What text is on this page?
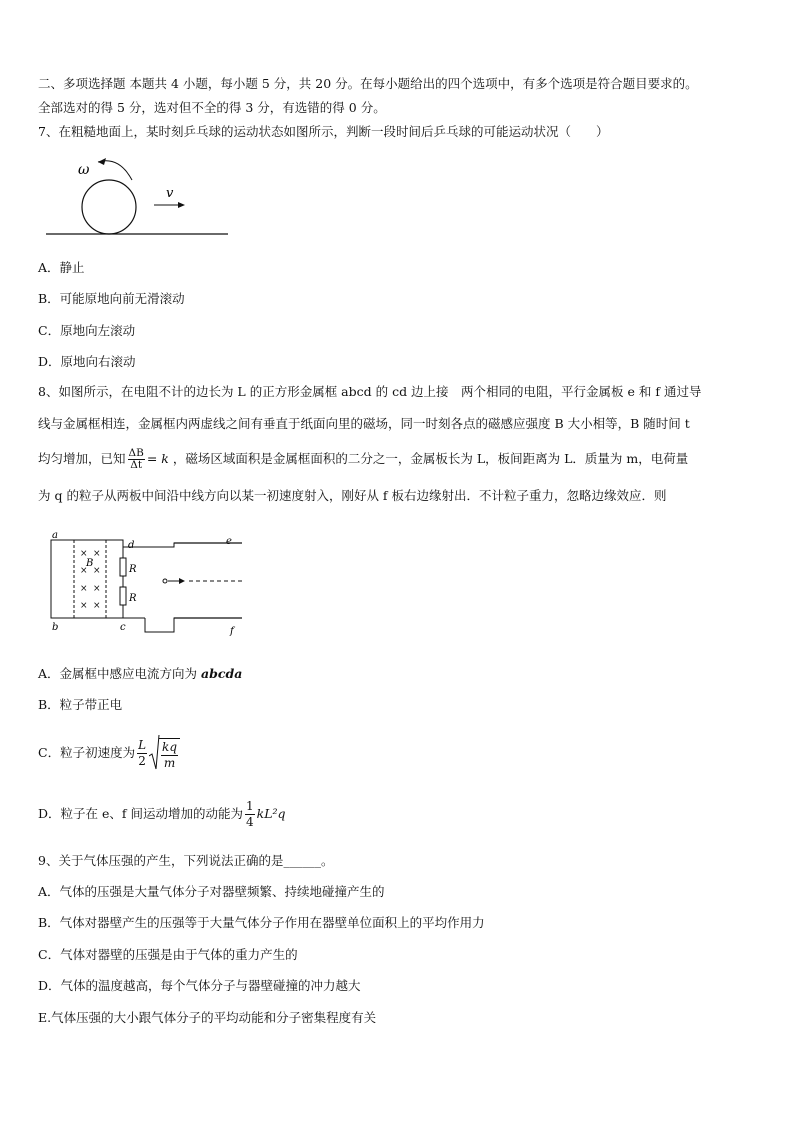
二、多项选择题 本题共 4 小题，每小题 5 分，共 20 分。在每小题给出的四个选项中，有多个选项是符合题目要求的。
全部选对的得 5 分，选对但不全的得 3 分，有选错的得 0 分。
7、在粗糙地面上，某时刻乒乓球的运动状态如图所示，判断一段时间后乒乓球的可能运动状况（　　）
ω
v
A．静止
B．可能原地向前无滑滚动
C．原地向左滚动
D．原地向右滚动
8、如图所示，在电阻不计的边长为 L 的正方形金属框 abcd 的 cd 边上接　两个相同的电阻，平行金属板 e 和 f 通过导
线与金属框相连，金属框内两虚线之间有垂直于纸面向里的磁场，同一时刻各点的磁感应强度 B 大小相等，B 随时间 t
均匀增加，已知 $\frac{\Delta B}{\Delta t} = k$ ，磁场区域面积是金属框面积的二分之一，金属板长为 L，板间距离为 L．质量为 m，电荷量
为 q 的粒子从两板中间沿中线方向以某一初速度射入，刚好从 f 板右边缘射出．不计粒子重力，忽略边缘效应．则
× ×
× ×
× ×
× ×
B
R
R
a
b	c
d	e
f
A．金属框中感应电流方向为 abcda
B．粒子带正电
C．粒子初速度为 $\frac{L}{2} \frac{kq}{m}$
D．粒子在 e、f 间运动增加的动能为 $\frac{1}{4} kL^2q$
9、关于气体压强的产生，下列说法正确的是______。
A．气体的压强是大量气体分子对器壁频繁、持续地碰撞产生的
B．气体对器壁产生的压强等于大量气体分子作用在器壁单位面积上的平均作用力
C．气体对器壁的压强是由于气体的重力产生的
D．气体的温度越高，每个气体分子与器壁碰撞的冲力越大
E.气体压强的大小跟气体分子的平均动能和分子密集程度有关
